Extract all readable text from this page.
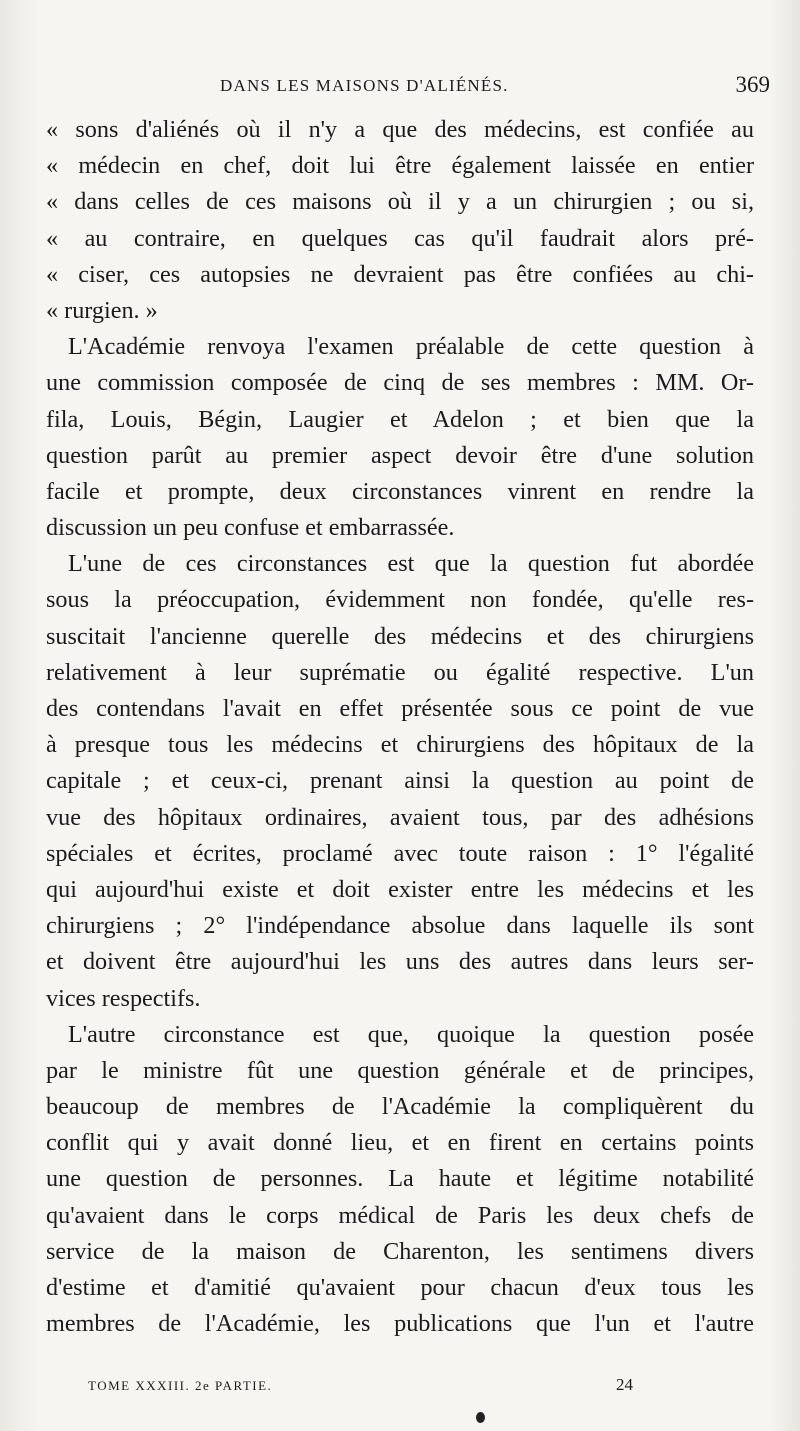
DANS LES MAISONS D'ALIÉNÉS.	369
« sons d'aliénés où il n'y a que des médecins, est confiée au
« médecin en chef, doit lui être également laissée en entier
« dans celles de ces maisons où il y a un chirurgien ; ou si,
« au contraire, en quelques cas qu'il faudrait alors pré-
« ciser, ces autopsies ne devraient pas être confiées au chi-
« rurgien. »
L'Académie renvoya l'examen préalable de cette question à
une commission composée de cinq de ses membres : MM. Or-
fila, Louis, Bégin, Laugier et Adelon ; et bien que la
question parût au premier aspect devoir être d'une solution
facile et prompte, deux circonstances vinrent en rendre la
discussion un peu confuse et embarrassée.
L'une de ces circonstances est que la question fut abordée
sous la préoccupation, évidemment non fondée, qu'elle res-
suscitait l'ancienne querelle des médecins et des chirurgiens
relativement à leur suprématie ou égalité respective. L'un
des contendans l'avait en effet présentée sous ce point de vue
à presque tous les médecins et chirurgiens des hôpitaux de la
capitale ; et ceux-ci, prenant ainsi la question au point de
vue des hôpitaux ordinaires, avaient tous, par des adhésions
spéciales et écrites, proclamé avec toute raison : 1° l'égalité
qui aujourd'hui existe et doit exister entre les médecins et les
chirurgiens ; 2° l'indépendance absolue dans laquelle ils sont
et doivent être aujourd'hui les uns des autres dans leurs ser-
vices respectifs.
L'autre circonstance est que, quoique la question posée
par le ministre fût une question générale et de principes,
beaucoup de membres de l'Académie la compliquèrent du
conflit qui y avait donné lieu, et en firent en certains points
une question de personnes. La haute et légitime notabilité
qu'avaient dans le corps médical de Paris les deux chefs de
service de la maison de Charenton, les sentimens divers
d'estime et d'amitié qu'avaient pour chacun d'eux tous les
membres de l'Académie, les publications que l'un et l'autre
TOME XXXIII. 2e PARTIE.	24
